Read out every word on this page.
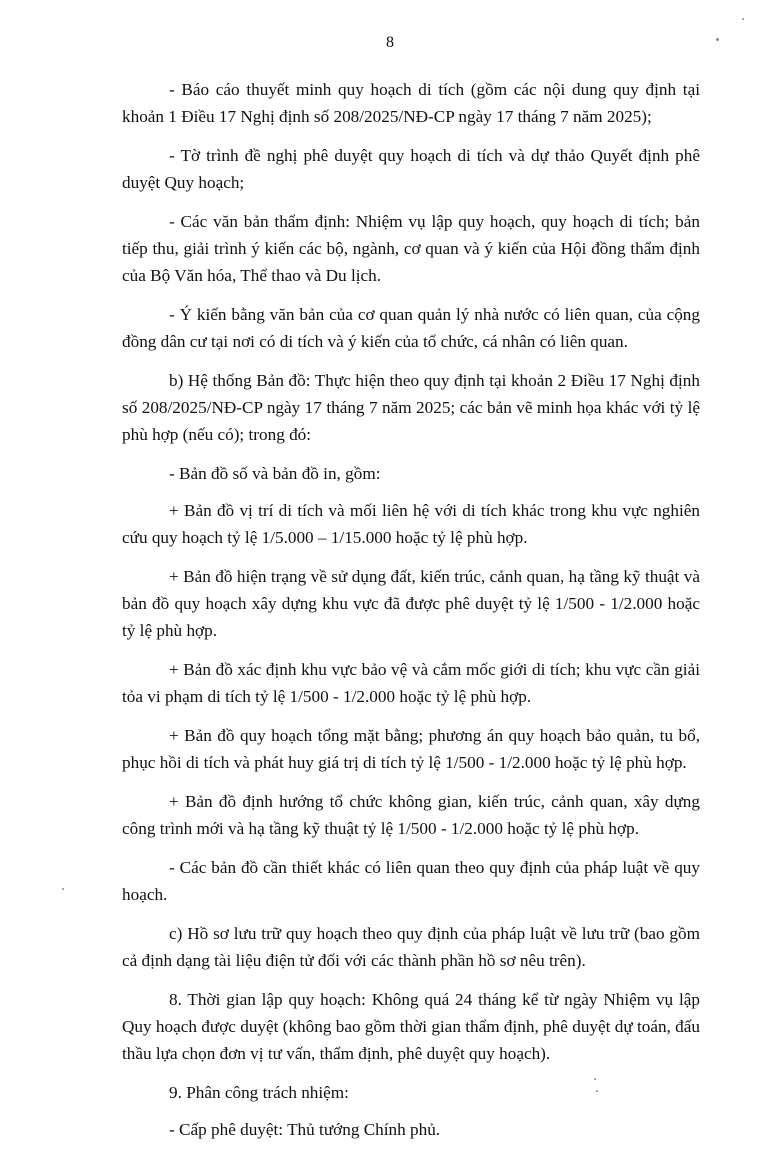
8

- Báo cáo thuyết minh quy hoạch di tích (gồm các nội dung quy định tại khoản 1 Điều 17 Nghị định số 208/2025/NĐ-CP ngày 17 tháng 7 năm 2025);

- Tờ trình đề nghị phê duyệt quy hoạch di tích và dự thảo Quyết định phê duyệt Quy hoạch;

- Các văn bản thẩm định: Nhiệm vụ lập quy hoạch, quy hoạch di tích; bản tiếp thu, giải trình ý kiến các bộ, ngành, cơ quan và ý kiến của Hội đồng thẩm định của Bộ Văn hóa, Thể thao và Du lịch.

- Ý kiến bằng văn bản của cơ quan quản lý nhà nước có liên quan, của cộng đồng dân cư tại nơi có di tích và ý kiến của tổ chức, cá nhân có liên quan.

b) Hệ thống Bản đồ: Thực hiện theo quy định tại khoản 2 Điều 17 Nghị định số 208/2025/NĐ-CP ngày 17 tháng 7 năm 2025; các bản vẽ minh họa khác với tỷ lệ phù hợp (nếu có); trong đó:

- Bản đồ số và bản đồ in, gồm:

+ Bản đồ vị trí di tích và mối liên hệ với di tích khác trong khu vực nghiên cứu quy hoạch tỷ lệ 1/5.000 – 1/15.000 hoặc tỷ lệ phù hợp.

+ Bản đồ hiện trạng về sử dụng đất, kiến trúc, cảnh quan, hạ tầng kỹ thuật và bản đồ quy hoạch xây dựng khu vực đã được phê duyệt tỷ lệ 1/500 - 1/2.000 hoặc tỷ lệ phù hợp.

+ Bản đồ xác định khu vực bảo vệ và cắm mốc giới di tích; khu vực cần giải tỏa vi phạm di tích tỷ lệ 1/500 - 1/2.000 hoặc tỷ lệ phù hợp.

+ Bản đồ quy hoạch tổng mặt bằng; phương án quy hoạch bảo quản, tu bổ, phục hồi di tích và phát huy giá trị di tích tỷ lệ 1/500 - 1/2.000 hoặc tỷ lệ phù hợp.

+ Bản đồ định hướng tổ chức không gian, kiến trúc, cảnh quan, xây dựng công trình mới và hạ tầng kỹ thuật tỷ lệ 1/500 - 1/2.000 hoặc tỷ lệ phù hợp.

- Các bản đồ cần thiết khác có liên quan theo quy định của pháp luật về quy hoạch.

c) Hồ sơ lưu trữ quy hoạch theo quy định của pháp luật về lưu trữ (bao gồm cả định dạng tài liệu điện tử đối với các thành phần hồ sơ nêu trên).

8. Thời gian lập quy hoạch: Không quá 24 tháng kể từ ngày Nhiệm vụ lập Quy hoạch được duyệt (không bao gồm thời gian thẩm định, phê duyệt dự toán, đấu thầu lựa chọn đơn vị tư vấn, thẩm định, phê duyệt quy hoạch).

9. Phân công trách nhiệm:

- Cấp phê duyệt: Thủ tướng Chính phủ.
